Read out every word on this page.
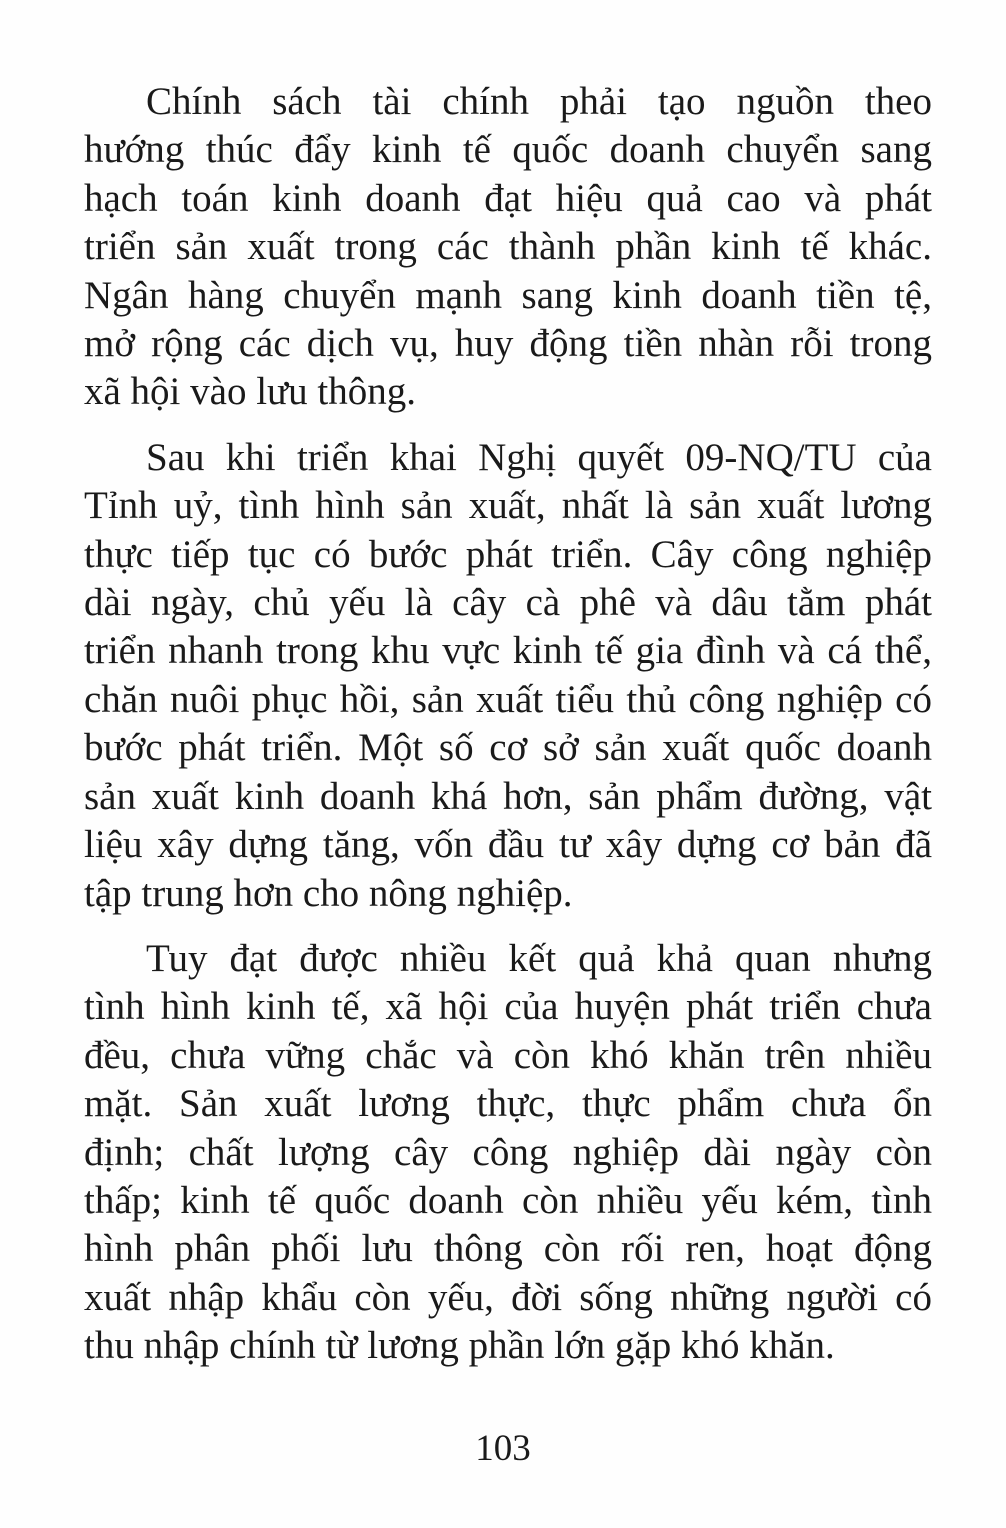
Chính sách tài chính phải tạo nguồn theo
hướng thúc đẩy kinh tế quốc doanh chuyển sang
hạch toán kinh doanh đạt hiệu quả cao và phát
triển sản xuất trong các thành phần kinh tế khác.
Ngân hàng chuyển mạnh sang kinh doanh tiền tệ,
mở rộng các dịch vụ, huy động tiền nhàn rỗi trong
xã hội vào lưu thông.
Sau khi triển khai Nghị quyết 09-NQ/TU của
Tỉnh uỷ, tình hình sản xuất, nhất là sản xuất lương
thực tiếp tục có bước phát triển. Cây công nghiệp
dài ngày, chủ yếu là cây cà phê và dâu tằm phát
triển nhanh trong khu vực kinh tế gia đình và cá thể,
chăn nuôi phục hồi, sản xuất tiểu thủ công nghiệp có
bước phát triển. Một số cơ sở sản xuất quốc doanh
sản xuất kinh doanh khá hơn, sản phẩm đường, vật
liệu xây dựng tăng, vốn đầu tư xây dựng cơ bản đã
tập trung hơn cho nông nghiệp.
Tuy đạt được nhiều kết quả khả quan nhưng
tình hình kinh tế, xã hội của huyện phát triển chưa
đều, chưa vững chắc và còn khó khăn trên nhiều
mặt. Sản xuất lương thực, thực phẩm chưa ổn
định; chất lượng cây công nghiệp dài ngày còn
thấp; kinh tế quốc doanh còn nhiều yếu kém, tình
hình phân phối lưu thông còn rối ren, hoạt động
xuất nhập khẩu còn yếu, đời sống những người có
thu nhập chính từ lương phần lớn gặp khó khăn.
103
